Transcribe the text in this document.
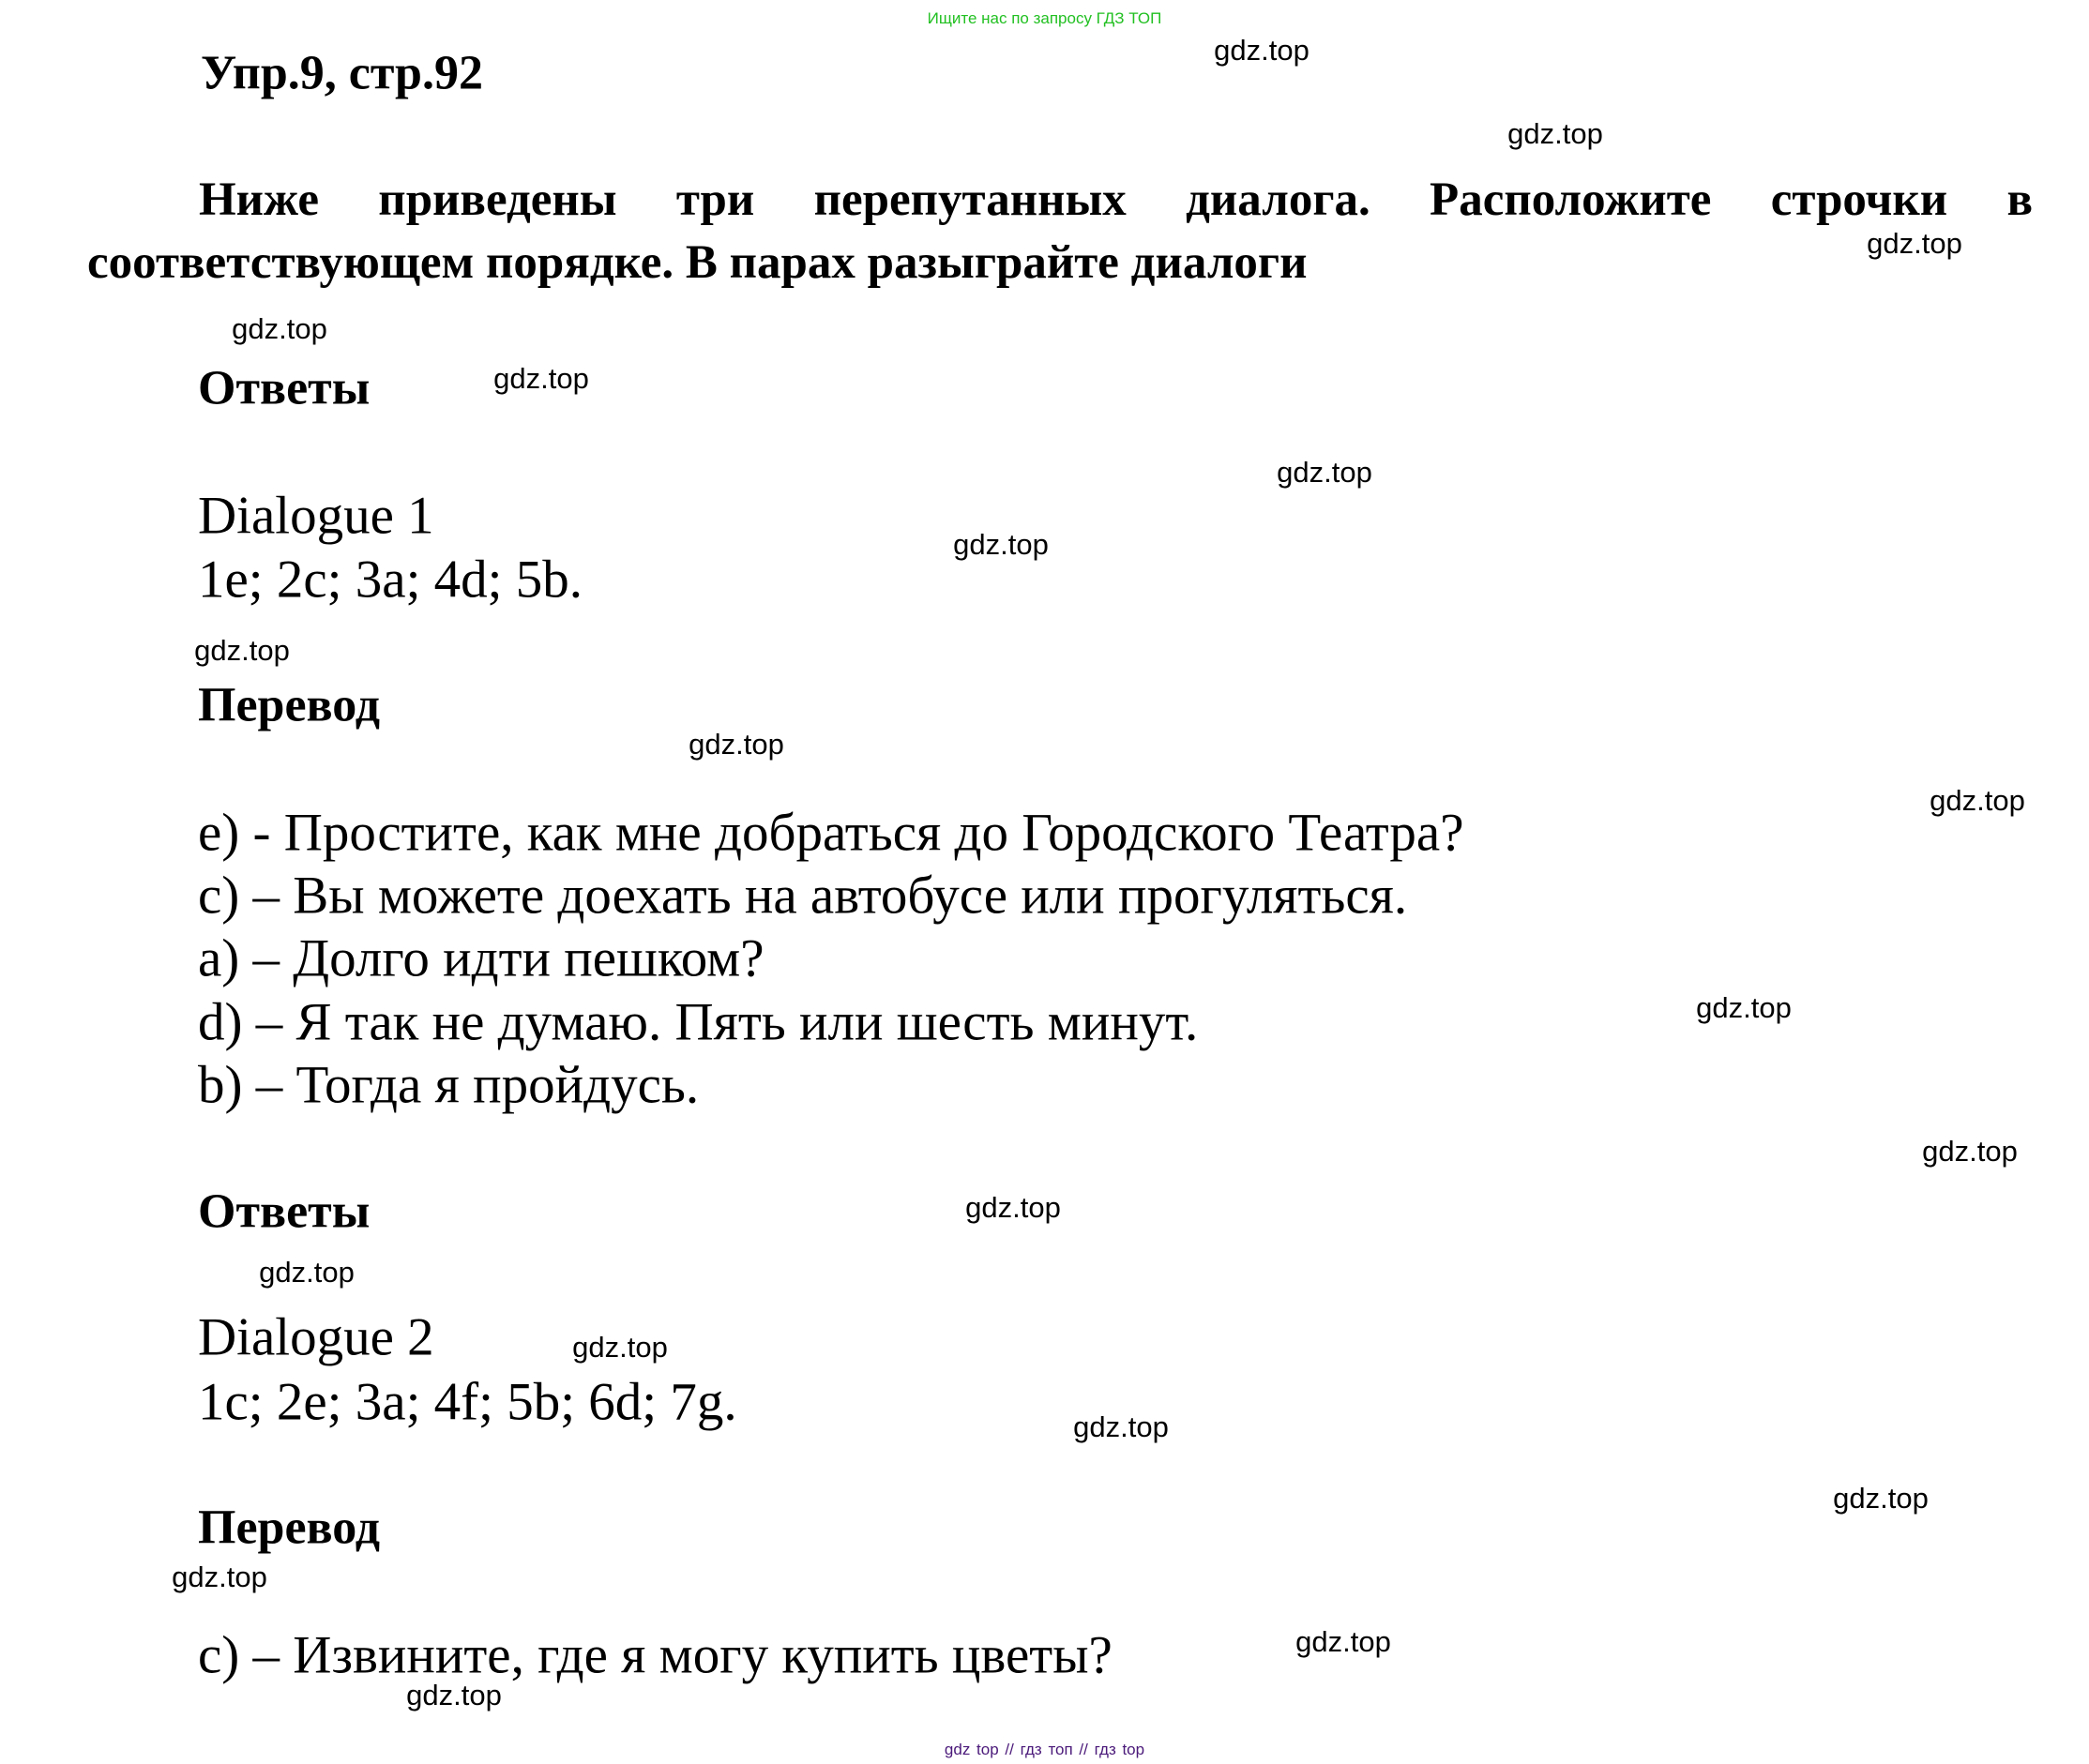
Ищите нас по запросу ГДЗ ТОП
Упр.9, стр.92
Ниже приведены три перепутанных диалога. Расположите строчки в соответствующем порядке. В парах разыграйте диалоги
Ответы
Dialogue 1
1e; 2c; 3a; 4d; 5b.
Перевод
e) - Простите, как мне добраться до Городского Театра?
c) – Вы можете доехать на автобусе или прогуляться.
a) – Долго идти пешком?
d) – Я так не думаю. Пять или шесть минут.
b) – Тогда я пройдусь.
Ответы
Dialogue 2
1c; 2e; 3a; 4f; 5b; 6d; 7g.
Перевод
c) – Извините, где я могу купить цветы?
gdz.top
gdz.top
gdz.top
gdz.top
gdz.top
gdz.top
gdz.top
gdz.top
gdz.top
gdz.top
gdz.top
gdz.top
gdz.top
gdz.top
gdz.top
gdz.top
gdz.top
gdz.top
gdz.top
gdz.top
gdz top // гдз топ // гдз top
